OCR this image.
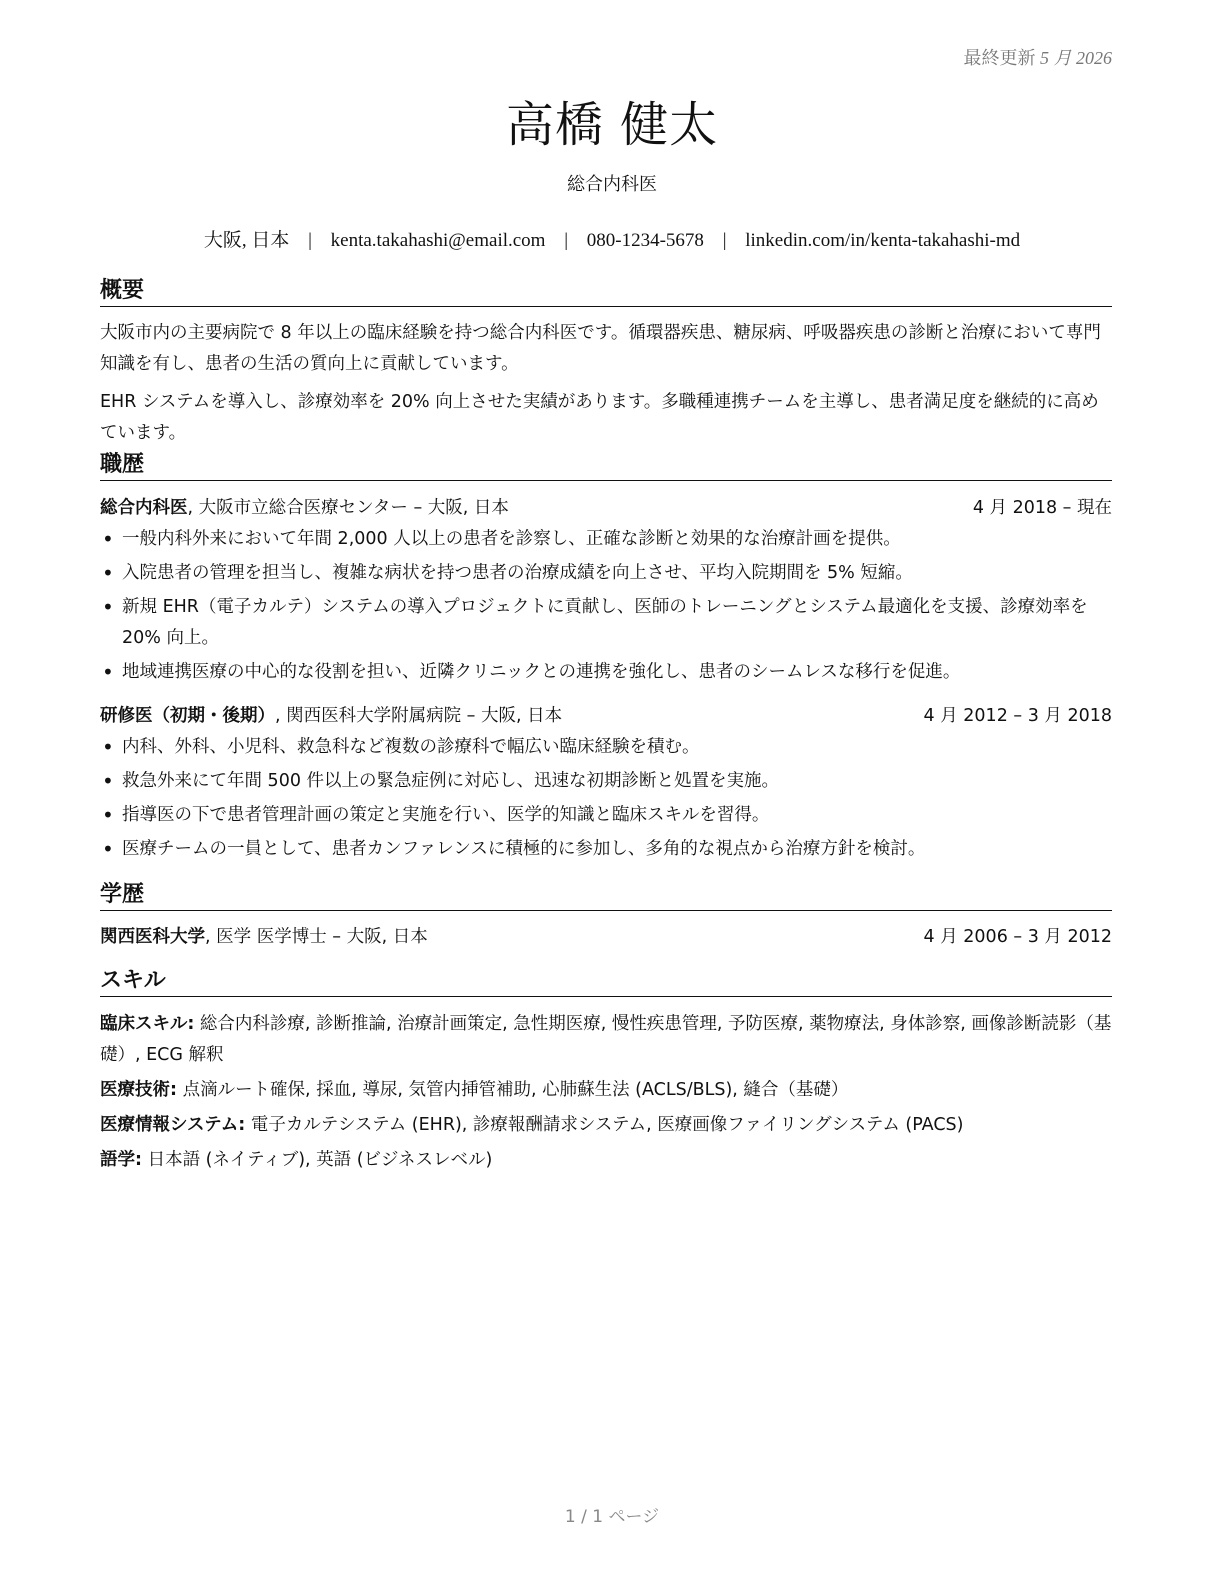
最終更新 5 月 2026
高橋 健太
総合内科医
大阪, 日本 | kenta.takahashi@email.com | 080-1234-5678 | linkedin.com/in/kenta-takahashi-md
概要

大阪市内の主要病院で 8 年以上の臨床経験を持つ総合内科医です。循環器疾患、糖尿病、呼吸器疾患の診断と治療において専門知識を有し、患者の生活の質向上に貢献しています。

EHR システムを導入し、診療効率を 20% 向上させた実績があります。多職種連携チームを主導し、患者満足度を継続的に高めています。

職歴
総合内科医, 大阪市立総合医療センター – 大阪, 日本	4 月 2018 – 現在
• 一般内科外来において年間 2,000 人以上の患者を診察し、正確な診断と効果的な治療計画を提供。
• 入院患者の管理を担当し、複雑な病状を持つ患者の治療成績を向上させ、平均入院期間を 5% 短縮。
• 新規 EHR（電子カルテ）システムの導入プロジェクトに貢献し、医師のトレーニングとシステム最適化を支援、診療効率を 20% 向上。
• 地域連携医療の中心的な役割を担い、近隣クリニックとの連携を強化し、患者のシームレスな移行を促進。
研修医（初期・後期）, 関西医科大学附属病院 – 大阪, 日本	4 月 2012 – 3 月 2018
• 内科、外科、小児科、救急科など複数の診療科で幅広い臨床経験を積む。
• 救急外来にて年間 500 件以上の緊急症例に対応し、迅速な初期診断と処置を実施。
• 指導医の下で患者管理計画の策定と実施を行い、医学的知識と臨床スキルを習得。
• 医療チームの一員として、患者カンファレンスに積極的に参加し、多角的な視点から治療方針を検討。
学歴
関西医科大学, 医学 医学博士 – 大阪, 日本	4 月 2006 – 3 月 2012
スキル
臨床スキル: 総合内科診療, 診断推論, 治療計画策定, 急性期医療, 慢性疾患管理, 予防医療, 薬物療法, 身体診察, 画像診断読影（基礎）, ECG 解釈
医療技術: 点滴ルート確保, 採血, 導尿, 気管内挿管補助, 心肺蘇生法 (ACLS/BLS), 縫合（基礎）
医療情報システム: 電子カルテシステム (EHR), 診療報酬請求システム, 医療画像ファイリングシステム (PACS)
語学: 日本語 (ネイティブ), 英語 (ビジネスレベル)
1 / 1 ページ
